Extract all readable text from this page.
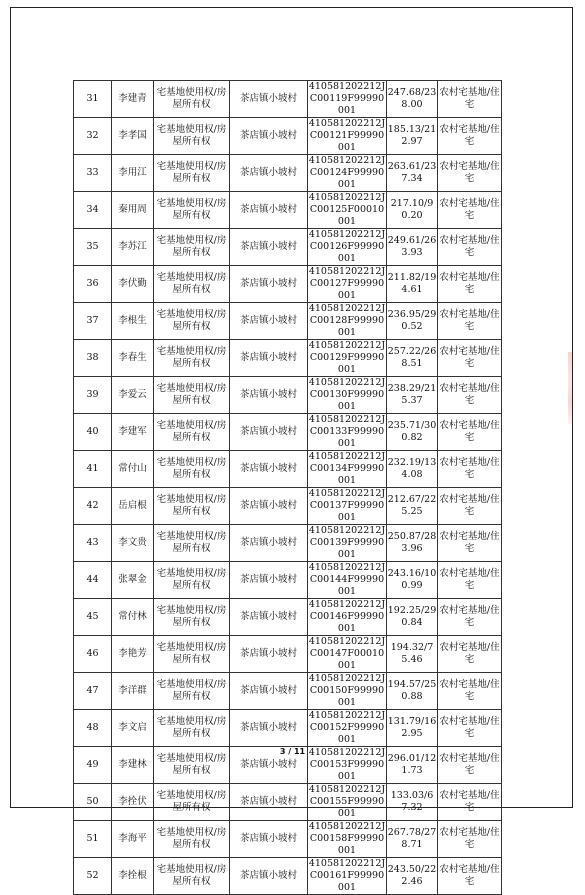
31	李建青	宅基地使用权/房屋所有权	茶店镇小坡村	410581202212JC00119F99990001	247.68/238.00	农村宅基地/住宅
32	李孝国	宅基地使用权/房屋所有权	茶店镇小坡村	410581202212JC00121F99990001	185.13/212.97	农村宅基地/住宅
33	李用江	宅基地使用权/房屋所有权	茶店镇小坡村	410581202212JC00124F99990001	263.61/237.34	农村宅基地/住宅
34	秦用周	宅基地使用权/房屋所有权	茶店镇小坡村	410581202212JC00125F00010001	217.10/90.20	农村宅基地/住宅
35	李苏江	宅基地使用权/房屋所有权	茶店镇小坡村	410581202212JC00126F99990001	249.61/263.93	农村宅基地/住宅
36	李伏勤	宅基地使用权/房屋所有权	茶店镇小坡村	410581202212JC00127F99990001	211.82/194.61	农村宅基地/住宅
37	李根生	宅基地使用权/房屋所有权	茶店镇小坡村	410581202212JC00128F99990001	236.95/290.52	农村宅基地/住宅
38	李春生	宅基地使用权/房屋所有权	茶店镇小坡村	410581202212JC00129F99990001	257.22/268.51	农村宅基地/住宅
39	李爱云	宅基地使用权/房屋所有权	茶店镇小坡村	410581202212JC00130F99990001	238.29/215.37	农村宅基地/住宅
40	李建军	宅基地使用权/房屋所有权	茶店镇小坡村	410581202212JC00133F99990001	235.71/300.82	农村宅基地/住宅
41	常付山	宅基地使用权/房屋所有权	茶店镇小坡村	410581202212JC00134F99990001	232.19/134.08	农村宅基地/住宅
42	岳启根	宅基地使用权/房屋所有权	茶店镇小坡村	410581202212JC00137F99990001	212.67/225.25	农村宅基地/住宅
43	李文贵	宅基地使用权/房屋所有权	茶店镇小坡村	410581202212JC00139F99990001	250.87/283.96	农村宅基地/住宅
44	张翠金	宅基地使用权/房屋所有权	茶店镇小坡村	410581202212JC00144F99990001	243.16/100.99	农村宅基地/住宅
45	常付林	宅基地使用权/房屋所有权	茶店镇小坡村	410581202212JC00146F99990001	192.25/290.84	农村宅基地/住宅
46	李艳芳	宅基地使用权/房屋所有权	茶店镇小坡村	410581202212JC00147F00010001	194.32/75.46	农村宅基地/住宅
47	李洋群	宅基地使用权/房屋所有权	茶店镇小坡村	410581202212JC00150F99990001	194.57/250.88	农村宅基地/住宅
48	李文启	宅基地使用权/房屋所有权	茶店镇小坡村	410581202212JC00152F99990001	131.79/162.95	农村宅基地/住宅
49	李建林	宅基地使用权/房屋所有权	茶店镇小坡村	410581202212JC00153F99990001	296.01/121.73	农村宅基地/住宅
50	李拴伏	宅基地使用权/房屋所有权	茶店镇小坡村	410581202212JC00155F99990001	133.03/67.32	农村宅基地/住宅
51	李海平	宅基地使用权/房屋所有权	茶店镇小坡村	410581202212JC00158F99990001	267.78/278.71	农村宅基地/住宅
52	李拴根	宅基地使用权/房屋所有权	茶店镇小坡村	410581202212JC00161F99990001	243.50/222.46	农村宅基地/住宅
3 / 11
